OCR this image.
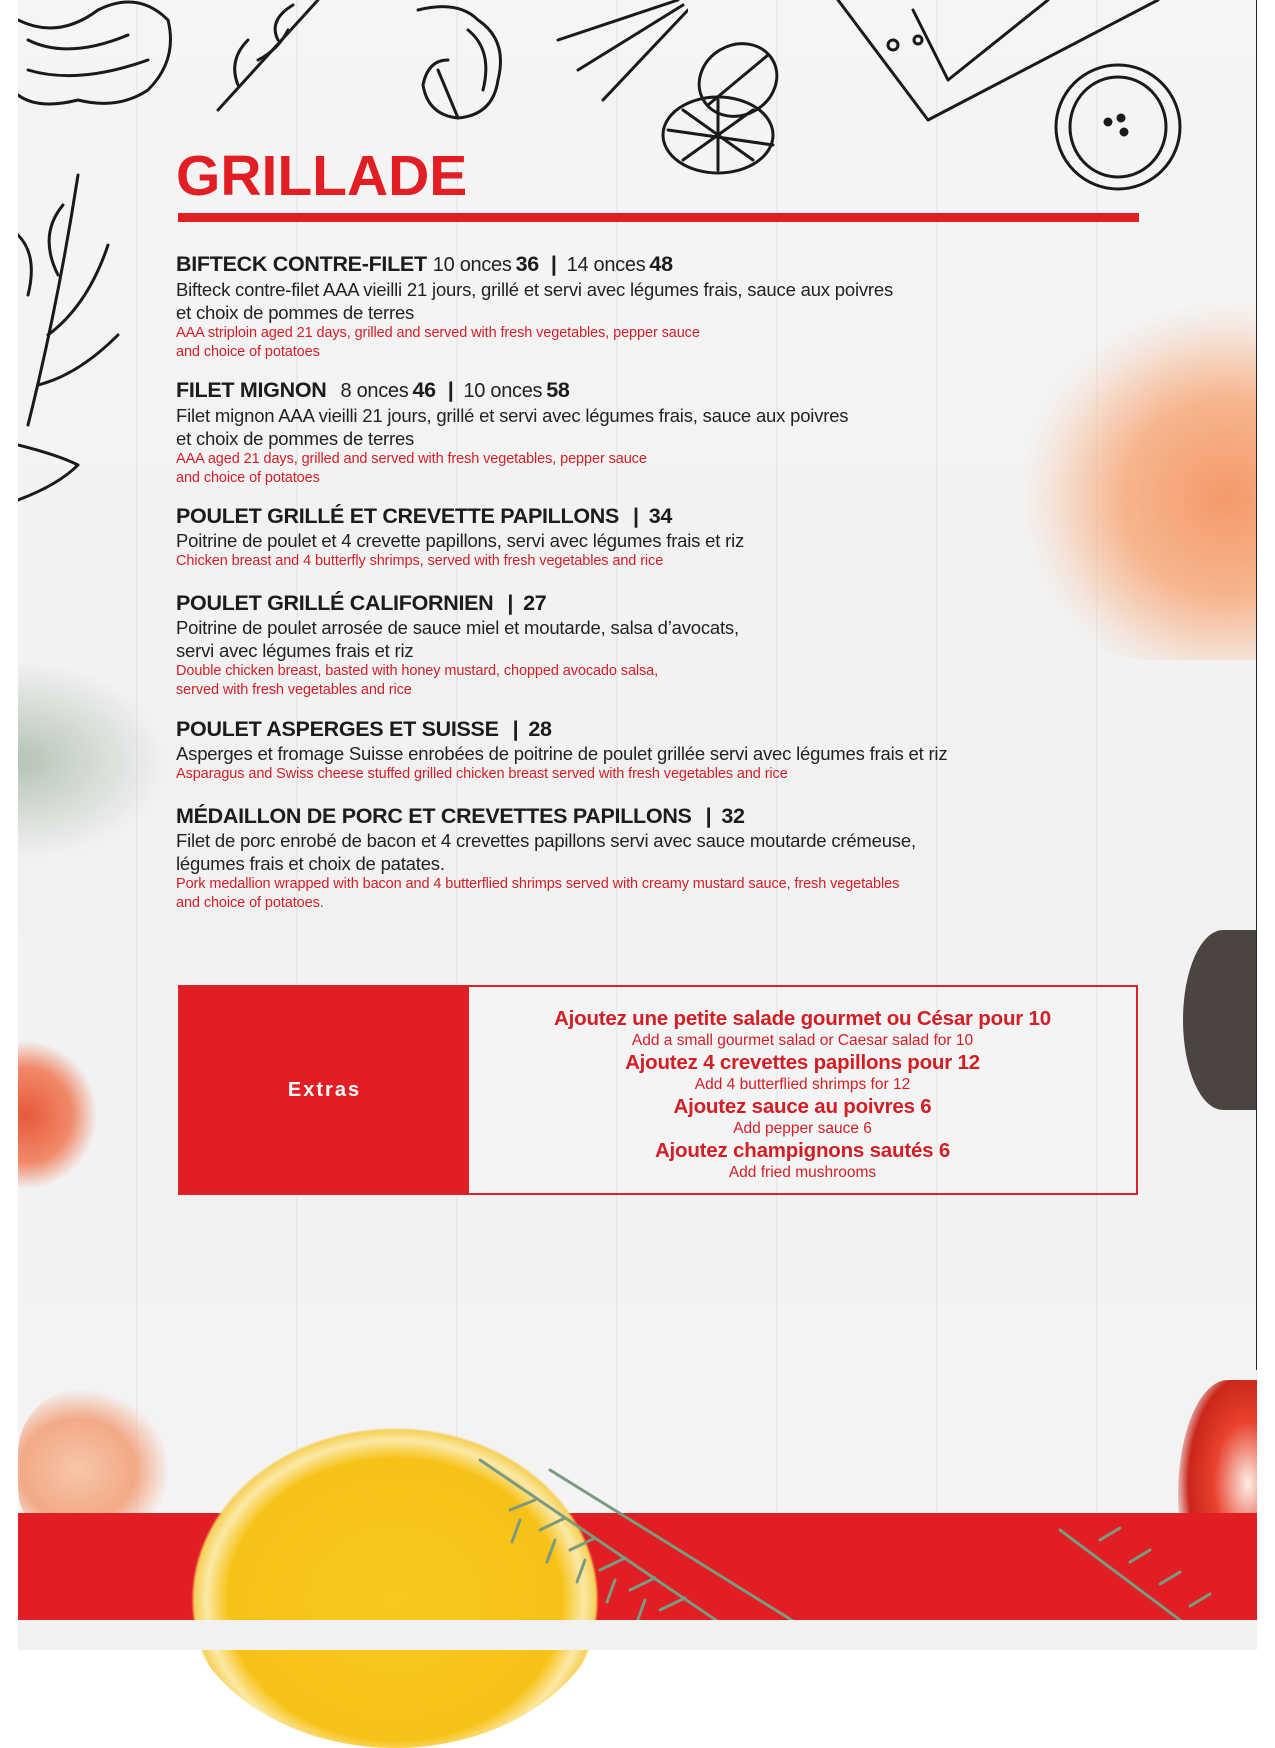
GRILLADE
BIFTECK CONTRE-FILET 10 onces 36 | 14 onces 48
Bifteck contre-filet AAA vieilli 21 jours, grillé et servi avec légumes frais, sauce aux poivres
et choix de pommes de terres
AAA striploin aged 21 days, grilled and served with fresh vegetables, pepper sauce
and choice of potatoes
FILET MIGNON 8 onces 46 | 10 onces 58
Filet mignon AAA vieilli 21 jours, grillé et servi avec légumes frais, sauce aux poivres
et choix de pommes de terres
AAA aged 21 days, grilled and served with fresh vegetables, pepper sauce
and choice of potatoes
POULET GRILLÉ ET CREVETTE PAPILLONS | 34
Poitrine de poulet et 4 crevette papillons, servi avec légumes frais et riz
Chicken breast and 4 butterfly shrimps, served with fresh vegetables and rice
POULET GRILLÉ CALIFORNIEN | 27
Poitrine de poulet arrosée de sauce miel et moutarde, salsa d’avocats,
servi avec légumes frais et riz
Double chicken breast, basted with honey mustard, chopped avocado salsa,
served with fresh vegetables and rice
POULET ASPERGES ET SUISSE | 28
Asperges et fromage Suisse enrobées de poitrine de poulet grillée servi avec légumes frais et riz
Asparagus and Swiss cheese stuffed grilled chicken breast served with fresh vegetables and rice
MÉDAILLON DE PORC ET CREVETTES PAPILLONS | 32
Filet de porc enrobé de bacon et 4 crevettes papillons servi avec sauce moutarde crémeuse,
légumes frais et choix de patates.
Pork medallion wrapped with bacon and 4 butterflied shrimps served with creamy mustard sauce, fresh vegetables
and choice of potatoes.
Extras
Ajoutez une petite salade gourmet ou César pour 10
Add a small gourmet salad or Caesar salad for 10
Ajoutez 4 crevettes papillons pour 12
Add 4 butterflied shrimps for 12
Ajoutez sauce au poivres 6
Add pepper sauce 6
Ajoutez champignons sautés 6
Add fried mushrooms
